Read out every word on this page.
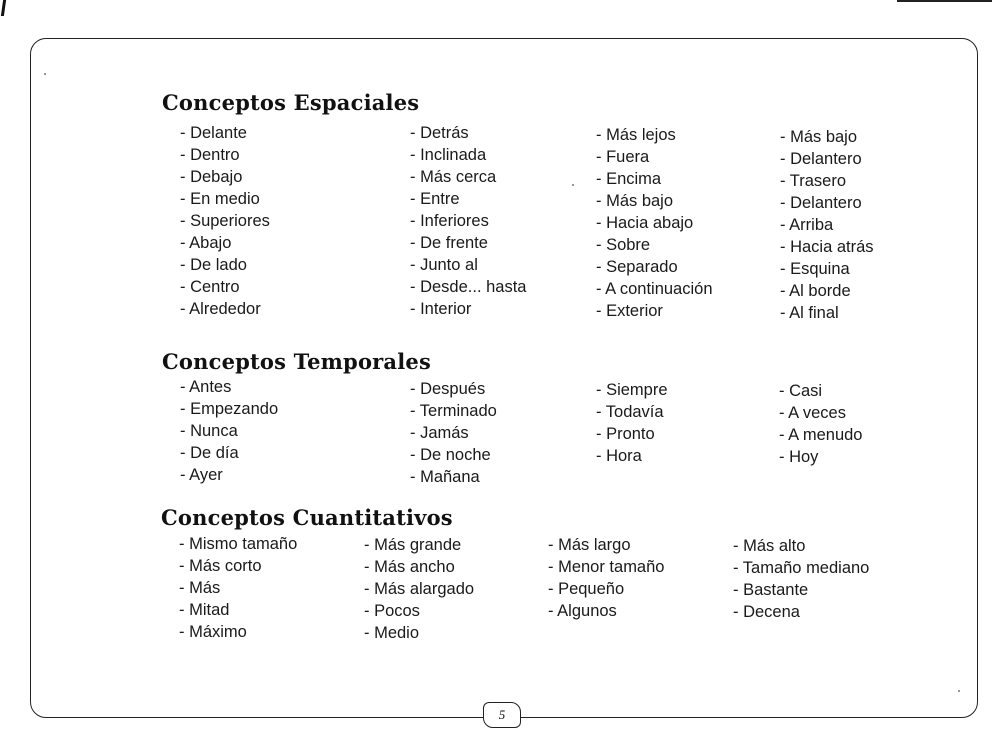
Conceptos Espaciales
- Delante
- Dentro
- Debajo
- En medio
- Superiores
- Abajo
- De lado
- Centro
- Alrededor
- Detrás
- Inclinada
- Más cerca
- Entre
- Inferiores
- De frente
- Junto al
- Desde... hasta
- Interior
- Más lejos
- Fuera
- Encima
- Más bajo
- Hacia abajo
- Sobre
- Separado
- A continuación
- Exterior
- Más bajo
- Delantero
- Trasero
- Delantero
- Arriba
- Hacia atrás
- Esquina
- Al borde
- Al final
Conceptos Temporales
- Antes
- Empezando
- Nunca
- De día
- Ayer
- Después
- Terminado
- Jamás
- De noche
- Mañana
- Siempre
- Todavía
- Pronto
- Hora
- Casi
- A veces
- A menudo
- Hoy
Conceptos Cuantitativos
- Mismo tamaño
- Más corto
- Más
- Mitad
- Máximo
- Más grande
- Más ancho
- Más alargado
- Pocos
- Medio
- Más largo
- Menor tamaño
- Pequeño
- Algunos
- Más alto
- Tamaño mediano
- Bastante
- Decena
5
